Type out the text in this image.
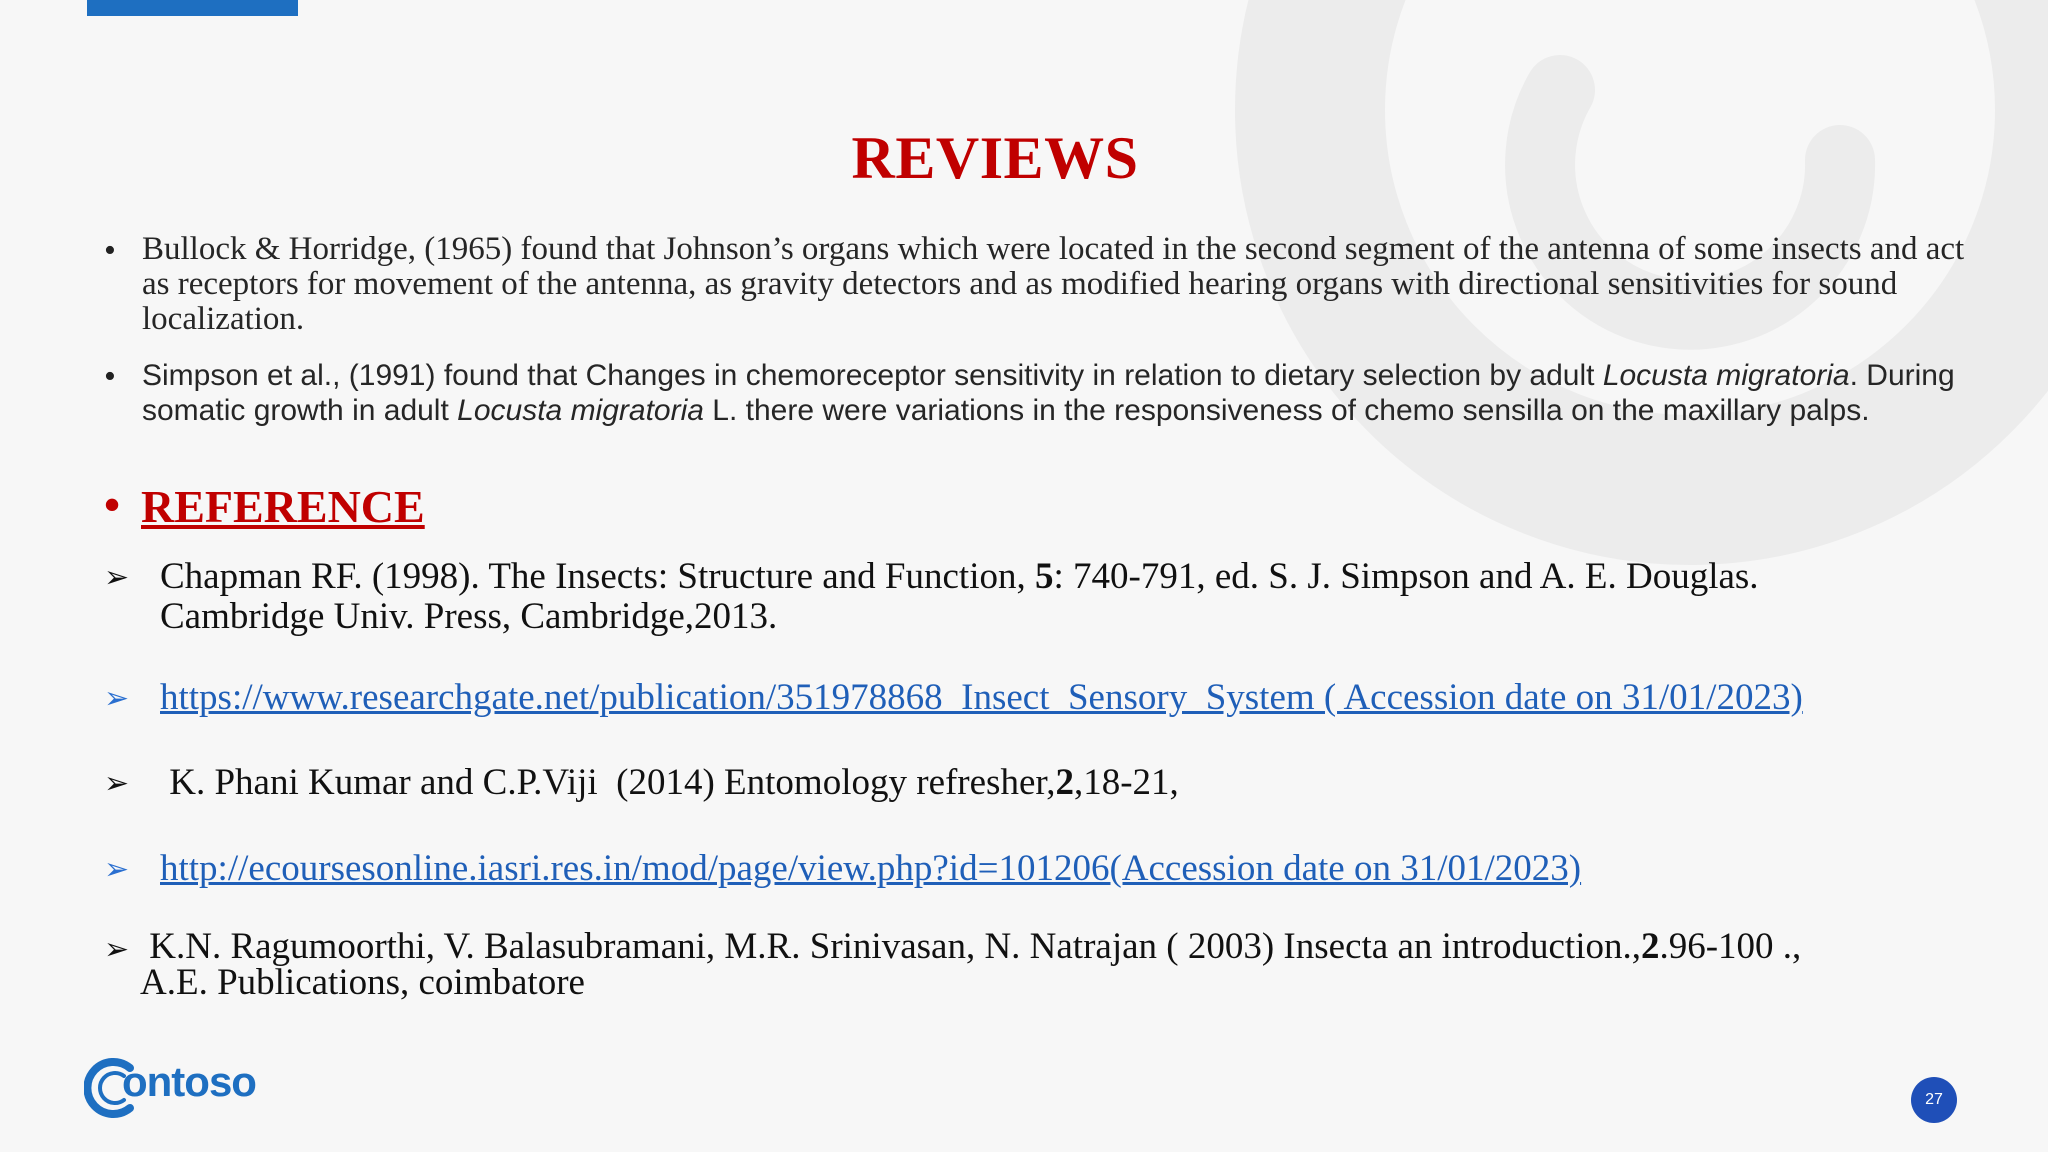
REVIEWS
• Bullock & Horridge, (1965) found that Johnson’s organs which were located in the second segment of the antenna of some insects and act as receptors for movement of the antenna, as gravity detectors and as modified hearing organs with directional sensitivities for sound localization.
• Simpson et al., (1991) found that Changes in chemoreceptor sensitivity in relation to dietary selection by adult Locusta migratoria. During somatic growth in adult Locusta migratoria L. there were variations in the responsiveness of chemo sensilla on the maxillary palps.
• REFERENCE
➢ Chapman RF. (1998). The Insects: Structure and Function, 5: 740-791, ed. S. J. Simpson and A. E. Douglas.
Cambridge Univ. Press, Cambridge,2013.
➢ https://www.researchgate.net/publication/351978868_Insect_Sensory_System ( Accession date on 31/01/2023)
➢ K. Phani Kumar and C.P.Viji  (2014) Entomology refresher,2,18-21,
➢ http://ecoursesonline.iasri.res.in/mod/page/view.php?id=101206(Accession date on 31/01/2023)
➢ K.N. Ragumoorthi, V. Balasubramani, M.R. Srinivasan, N. Natrajan ( 2003) Insecta an introduction.,2.96-100 .,
A.E. Publications, coimbatore
ontoso	27
